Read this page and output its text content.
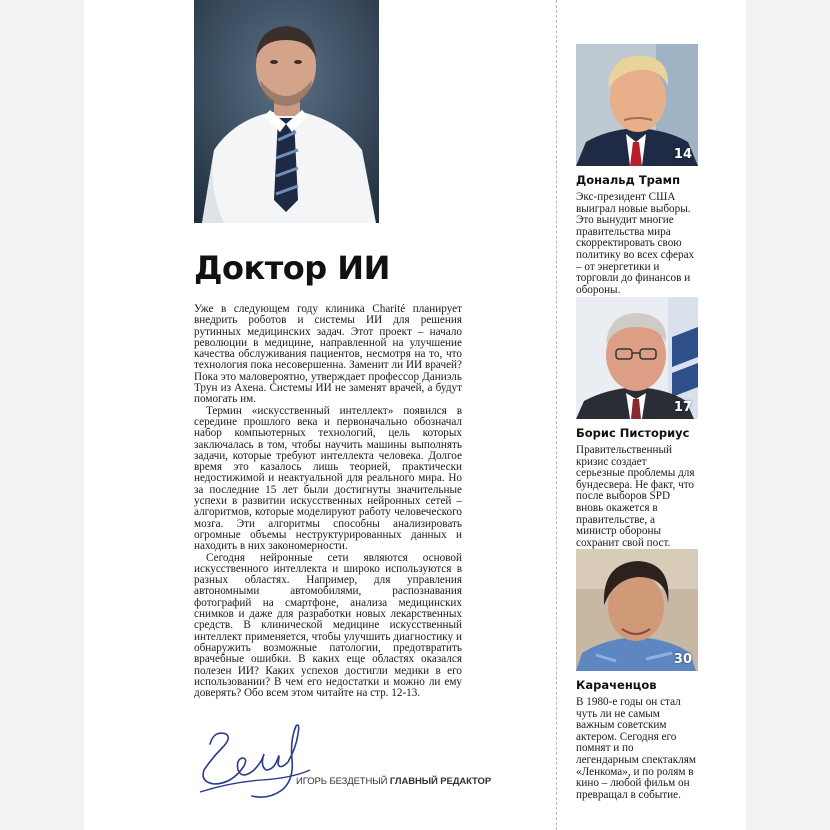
Доктор ИИ

Уже в следующем году клиника Charité планирует внедрить роботов и системы ИИ для решения рутинных медицинских задач. Этот проект – начало революции в медицине, направленной на улучшение качества обслуживания пациентов, несмотря на то, что технология пока несовершенна. Заменит ли ИИ врачей? Пока это маловероятно, утверждает профессор Даниэль Трун из Ахена. Системы ИИ не заменят врачей, а будут помогать им.

Термин «искусственный интеллект» появился в середине прошлого века и первоначально обозначал набор компьютерных технологий, цель которых заключалась в том, чтобы научить машины выполнять задачи, которые требуют интеллекта человека. Долгое время это казалось лишь теорией, практически недостижимой и неактуальной для реального мира. Но за последние 15 лет были достигнуты значительные успехи в развитии искусственных нейронных сетей – алгоритмов, которые моделируют работу человеческого мозга. Эти алгоритмы способны анализировать огромные объемы неструктурированных данных и находить в них закономерности.

Сегодня нейронные сети являются основой искусственного интеллекта и широко используются в разных областях. Например, для управления автономными автомобилями, распознавания фотографий на смартфоне, анализа медицинских снимков и даже для разработки новых лекарственных средств. В клинической медицине искусственный интеллект применяется, чтобы улучшить диагностику и обнаружить возможные патологии, предотвратить врачебные ошибки. В каких еще областях оказался полезен ИИ? Каких успехов достигли медики в его использовании? В чем его недостатки и можно ли ему доверять? Обо всем этом читайте на стр. 12-13.

ИГОРЬ БЕЗДЕТНЫЙ ГЛАВНЫЙ РЕДАКТОР
14
Дональд Трамп
Экс-президент США выиграл новые выборы. Это вынудит многие правительства мира скорректировать свою политику во всех сферах – от энергетики и торговли до финансов и обороны.
17
Борис Писториус
Правительственный кризис создает серьезные проблемы для бундесвера. Не факт, что после выборов SPD вновь окажется в правительстве, а министр обороны сохранит свой пост.
30
Караченцов
В 1980-е годы он стал чуть ли не самым важным советским актером. Сегодня его помнят и по легендарным спектаклям «Ленкома», и по ролям в кино – любой фильм он превращал в событие.
